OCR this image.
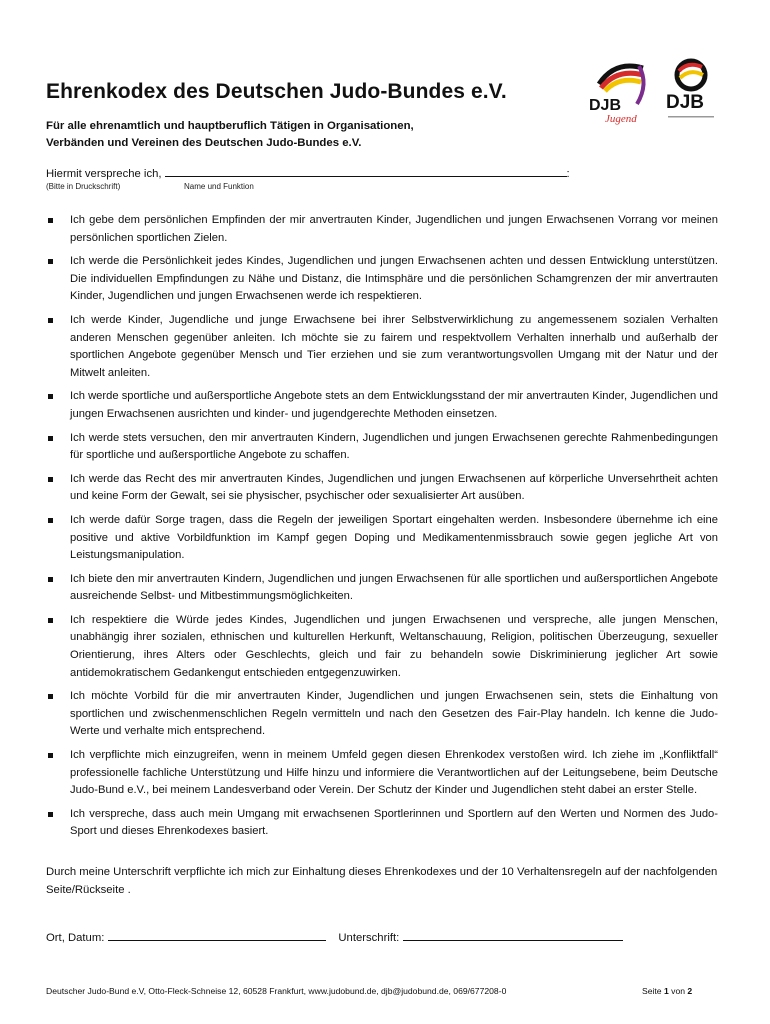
Ehrenkodex des Deutschen Judo-Bundes e.V.
Für alle ehrenamtlich und hauptberuflich Tätigen in Organisationen,
Verbänden und Vereinen des Deutschen Judo-Bundes e.V.
DJB
Jugend
DJB
Hiermit verspreche ich,	:
(Bitte in Druckschrift)	Name und Funktion
Ich gebe dem persönlichen Empfinden der mir anvertrauten Kinder, Jugendlichen und jungen Erwachsenen Vorrang vor meinen persönlichen sportlichen Zielen.
Ich werde die Persönlichkeit jedes Kindes, Jugendlichen und jungen Erwachsenen achten und dessen Entwicklung unterstützen. Die individuellen Empfindungen zu Nähe und Distanz, die Intimsphäre und die persönlichen Schamgrenzen der mir anvertrauten Kinder, Jugendlichen und jungen Erwachsenen werde ich respektieren.
Ich werde Kinder, Jugendliche und junge Erwachsene bei ihrer Selbstverwirklichung zu angemessenem sozialen Verhalten anderen Menschen gegenüber anleiten. Ich möchte sie zu fairem und respektvollem Verhalten innerhalb und außerhalb der sportlichen Angebote gegenüber Mensch und Tier erziehen und sie zum verantwortungsvollen Umgang mit der Natur und der Mitwelt anleiten.
Ich werde sportliche und außersportliche Angebote stets an dem Entwicklungsstand der mir anvertrauten Kinder, Jugendlichen und jungen Erwachsenen ausrichten und kinder- und jugendgerechte Methoden einsetzen.
Ich werde stets versuchen, den mir anvertrauten Kindern, Jugendlichen und jungen Erwachsenen gerechte Rahmenbedingungen für sportliche und außersportliche Angebote zu schaffen.
Ich werde das Recht des mir anvertrauten Kindes, Jugendlichen und jungen Erwachsenen auf körperliche Unversehrtheit achten und keine Form der Gewalt, sei sie physischer, psychischer oder sexualisierter Art ausüben.
Ich werde dafür Sorge tragen, dass die Regeln der jeweiligen Sportart eingehalten werden. Insbesondere übernehme ich eine positive und aktive Vorbildfunktion im Kampf gegen Doping und Medikamentenmissbrauch sowie gegen jegliche Art von Leistungsmanipulation.
Ich biete den mir anvertrauten Kindern, Jugendlichen und jungen Erwachsenen für alle sportlichen und außersportlichen Angebote ausreichende Selbst- und Mitbestimmungsmöglichkeiten.
Ich respektiere die Würde jedes Kindes, Jugendlichen und jungen Erwachsenen und verspreche, alle jungen Menschen, unabhängig ihrer sozialen, ethnischen und kulturellen Herkunft, Weltanschauung, Religion, politischen Überzeugung, sexueller Orientierung, ihres Alters oder Geschlechts, gleich und fair zu behandeln sowie Diskriminierung jeglicher Art sowie antidemokratischem Gedankengut entschieden entgegenzuwirken.
Ich möchte Vorbild für die mir anvertrauten Kinder, Jugendlichen und jungen Erwachsenen sein, stets die Einhaltung von sportlichen und zwischenmenschlichen Regeln vermitteln und nach den Gesetzen des Fair-Play handeln. Ich kenne die Judo-Werte und verhalte mich entsprechend.
Ich verpflichte mich einzugreifen, wenn in meinem Umfeld gegen diesen Ehrenkodex verstoßen wird. Ich ziehe im „Konfliktfall“ professionelle fachliche Unterstützung und Hilfe hinzu und informiere die Verantwortlichen auf der Leitungsebene, beim Deutsche Judo-Bund e.V., bei meinem Landesverband oder Verein. Der Schutz der Kinder und Jugendlichen steht dabei an erster Stelle.
Ich verspreche, dass auch mein Umgang mit erwachsenen Sportlerinnen und Sportlern auf den Werten und Normen des Judo-Sport und dieses Ehrenkodexes basiert.
Durch meine Unterschrift verpflichte ich mich zur Einhaltung dieses Ehrenkodexes und der 10 Verhaltensregeln auf der nachfolgenden Seite/Rückseite .
Ort, Datum:	Unterschrift:
Deutscher Judo-Bund e.V, Otto-Fleck-Schneise 12, 60528 Frankfurt, www.judobund.de, djb@judobund.de, 069/677208-0	Seite 1 von 2
